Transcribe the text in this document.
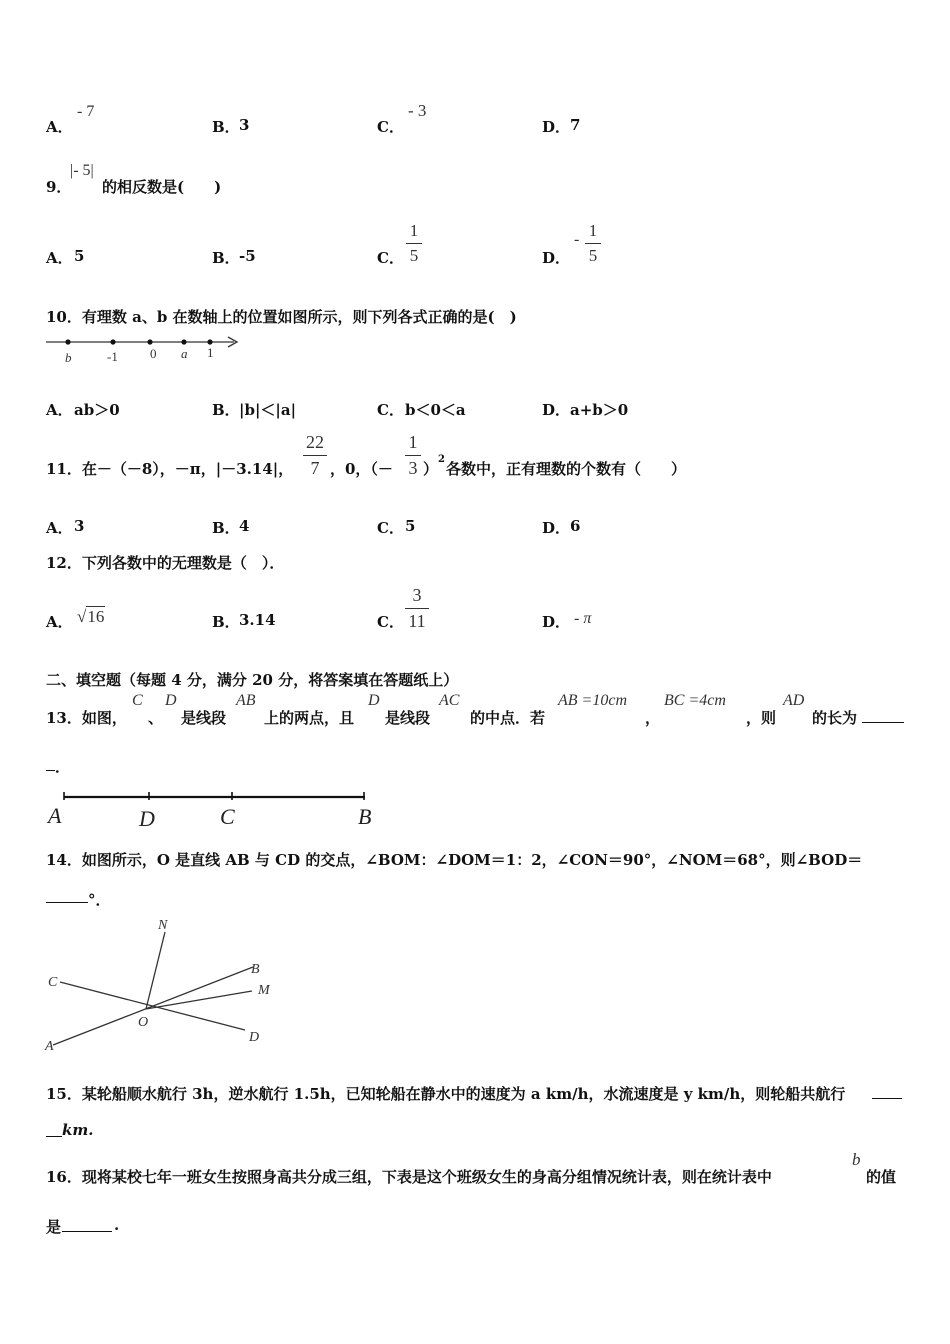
A．
- 7
B． 3	C．
- 3
D． 7
9．
|- 5|
的相反数是(　　)
A． 5	B． -5	C．
1
5	D．
- 1
5
10．有理数 a、b 在数轴上的位置如图所示，则下列各式正确的是(　)
b	-1 0 a 1
A． ab＞0	B． |b|＜|a|	C． b＜0＜a	D． a+b＞0
11．在－（－8），－π，|－3.14|，
22
7 ，0，（－
1
3 ）
2
各数中，正有理数的个数有（　　）
A． 3	B． 4	C． 5	D． 6
12．下列各数中的无理数是（　）．
A． √16	B． 3.14	C．
3
11	D． - π
二、填空题（每题 4 分，满分 20 分，将答案填在答题纸上）
13．如图，
C
、
D
是线段
AB
上的两点，且
D
是线段
AC
的中点．若
AB =10cm
，
BC =4cm
，则
AD
的长为
．
A	D	C	B
14．如图所示，O 是直线 AB 与 CD 的交点，∠BOM：∠DOM＝1：2，∠CON＝90°，∠NOM＝68°，则∠BOD＝
°．
N
C
B
M
O
A
D
15．某轮船顺水航行 3h，逆水航行 1.5h，已知轮船在静水中的速度为 a km/h，水流速度是 y km/h，则轮船共航行
km.
16．现将某校七年一班女生按照身高共分成三组，下表是这个班级女生的身高分组情况统计表，则在统计表中
b
的值
是	.
